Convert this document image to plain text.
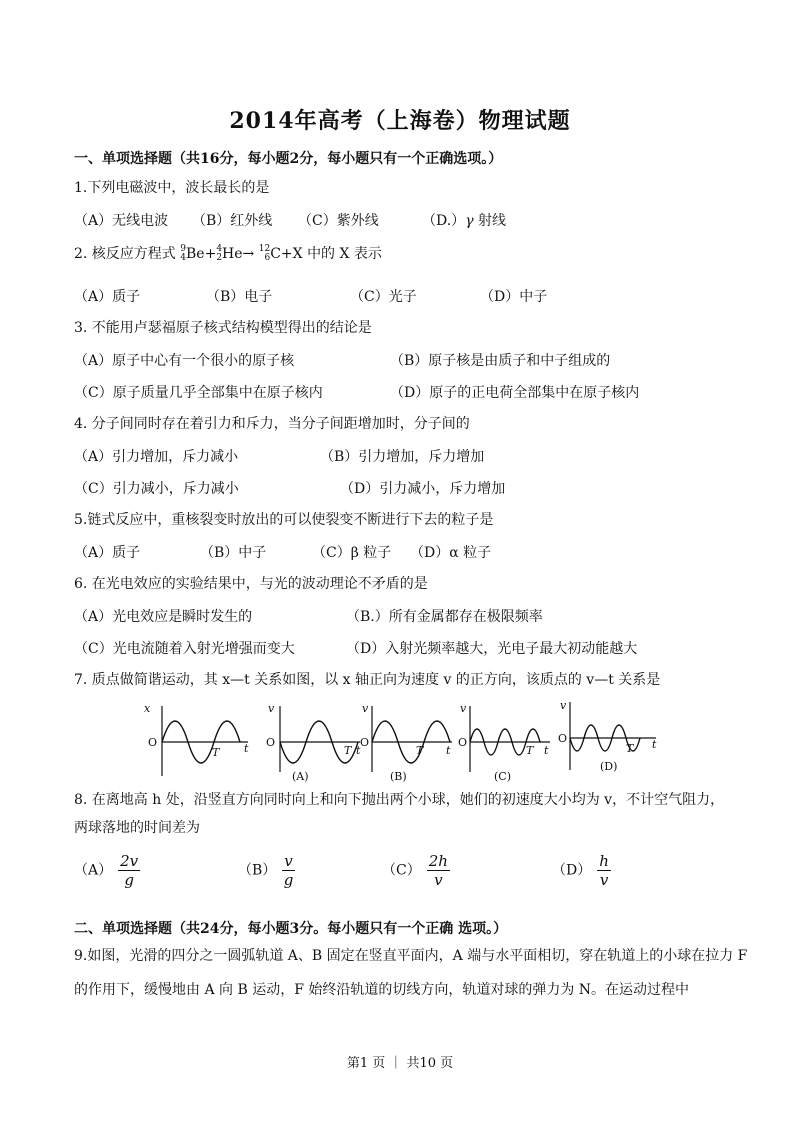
2014年高考（上海卷）物理试题
一、单项选择题（共16分，每小题2分，每小题只有一个正确选项。）
1.下列电磁波中，波长最长的是
（A）无线电波 （B）红外线 （C）紫外线	（D.）γ 射线
2. 核反应方程式 9
4Be+4
2He→ 12
6C+X 中的 X 表示
（A）质子	（B）电子	（C）光子	（D）中子
3. 不能用卢瑟福原子核式结构模型得出的结论是
（A）原子中心有一个很小的原子核	（B）原子核是由质子和中子组成的
（C）原子质量几乎全部集中在原子核内	（D）原子的正电荷全部集中在原子核内
4. 分子间同时存在着引力和斥力，当分子间距增加时，分子间的
（A）引力增加，斥力减小	（B）引力增加，斥力增加
（C）引力减小，斥力减小	（D）引力减小，斥力增加
5.链式反应中，重核裂变时放出的可以使裂变不断进行下去的粒子是
（A）质子	（B）中子	（C）β 粒子 （D）α 粒子
6. 在光电效应的实验结果中，与光的波动理论不矛盾的是
（A）光电效应是瞬时发生的	（B.）所有金属都存在极限频率
（C）光电流随着入射光增强而变大	（D）入射光频率越大，光电子最大初动能越大
7. 质点做简谐运动，其 x—t 关系如图，以 x 轴正向为速度 v 的正方向，该质点的 v—t 关系是
O
x
t
T
O
v
T t
(A)
O
v
T t
(B)
O
v
T t
(C)
O
v
T t
(D)
8. 在离地高 h 处，沿竖直方向同时向上和向下抛出两个小球，她们的初速度大小均为 v，不计空气阻力，
两球落地的时间差为
$(A) \frac{2v}{g}$	$(B) \frac{v}{g}$	$(C) \frac{2h}{v}$	$(D) \frac{h}{v}$
二、单项选择题（共24分，每小题3分。每小题只有一个正确 选项。）
9.如图，光滑的四分之一圆弧轨道 A、B 固定在竖直平面内，A 端与水平面相切，穿在轨道上的小球在拉力 F
的作用下，缓慢地由 A 向 B 运动，F 始终沿轨道的切线方向，轨道对球的弹力为 N。在运动过程中
第1 页 ｜ 共10 页
